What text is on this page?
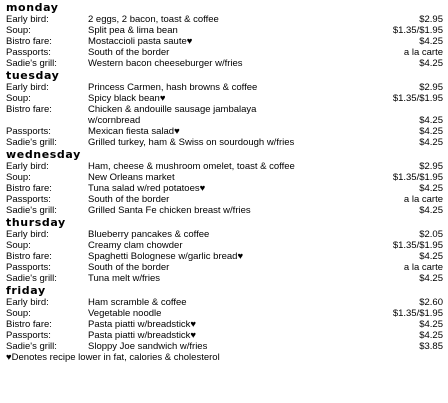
monday
Early bird:	2 eggs, 2 bacon, toast & coffee	$2.95
Soup:	Split pea & lima bean	$1.35/$1.95
Bistro fare:	Mostaccioli pasta saute♥	$4.25
Passports:	South of the border	a la carte
Sadie's grill:	Western bacon cheeseburger w/fries	$4.25
tuesday
Early bird:	Princess Carmen, hash browns & coffee	$2.95
Soup:	Spicy black bean♥	$1.35/$1.95
Bistro fare:	Chicken & andouille sausage jambalaya
w/cornbread	$4.25
Passports:	Mexican fiesta salad♥	$4.25
Sadie's grill:	Grilled turkey, ham & Swiss on sourdough w/fries	$4.25
wednesday
Early bird:	Ham, cheese & mushroom omelet, toast & coffee	$2.95
Soup:	New Orleans market	$1.35/$1.95
Bistro fare:	Tuna salad w/red potatoes♥	$4.25
Passports:	South of the border	a la carte
Sadie's grill:	Grilled Santa Fe chicken breast w/fries	$4.25
thursday
Early bird:	Blueberry pancakes & coffee	$2.05
Soup:	Creamy clam chowder	$1.35/$1.95
Bistro fare:	Spaghetti Bolognese w/garlic bread♥	$4.25
Passports:	South of the border	a la carte
Sadie's grill:	Tuna melt w/fries	$4.25
friday
Early bird:	Ham scramble & coffee	$2.60
Soup:	Vegetable noodle	$1.35/$1.95
Bistro fare:	Pasta piatti w/breadstick♥	$4.25
Passports:	Pasta piatti w/breadstick♥	$4.25
Sadie's grill:	Sloppy Joe sandwich w/fries	$3.85
♥Denotes recipe lower in fat, calories & cholesterol
